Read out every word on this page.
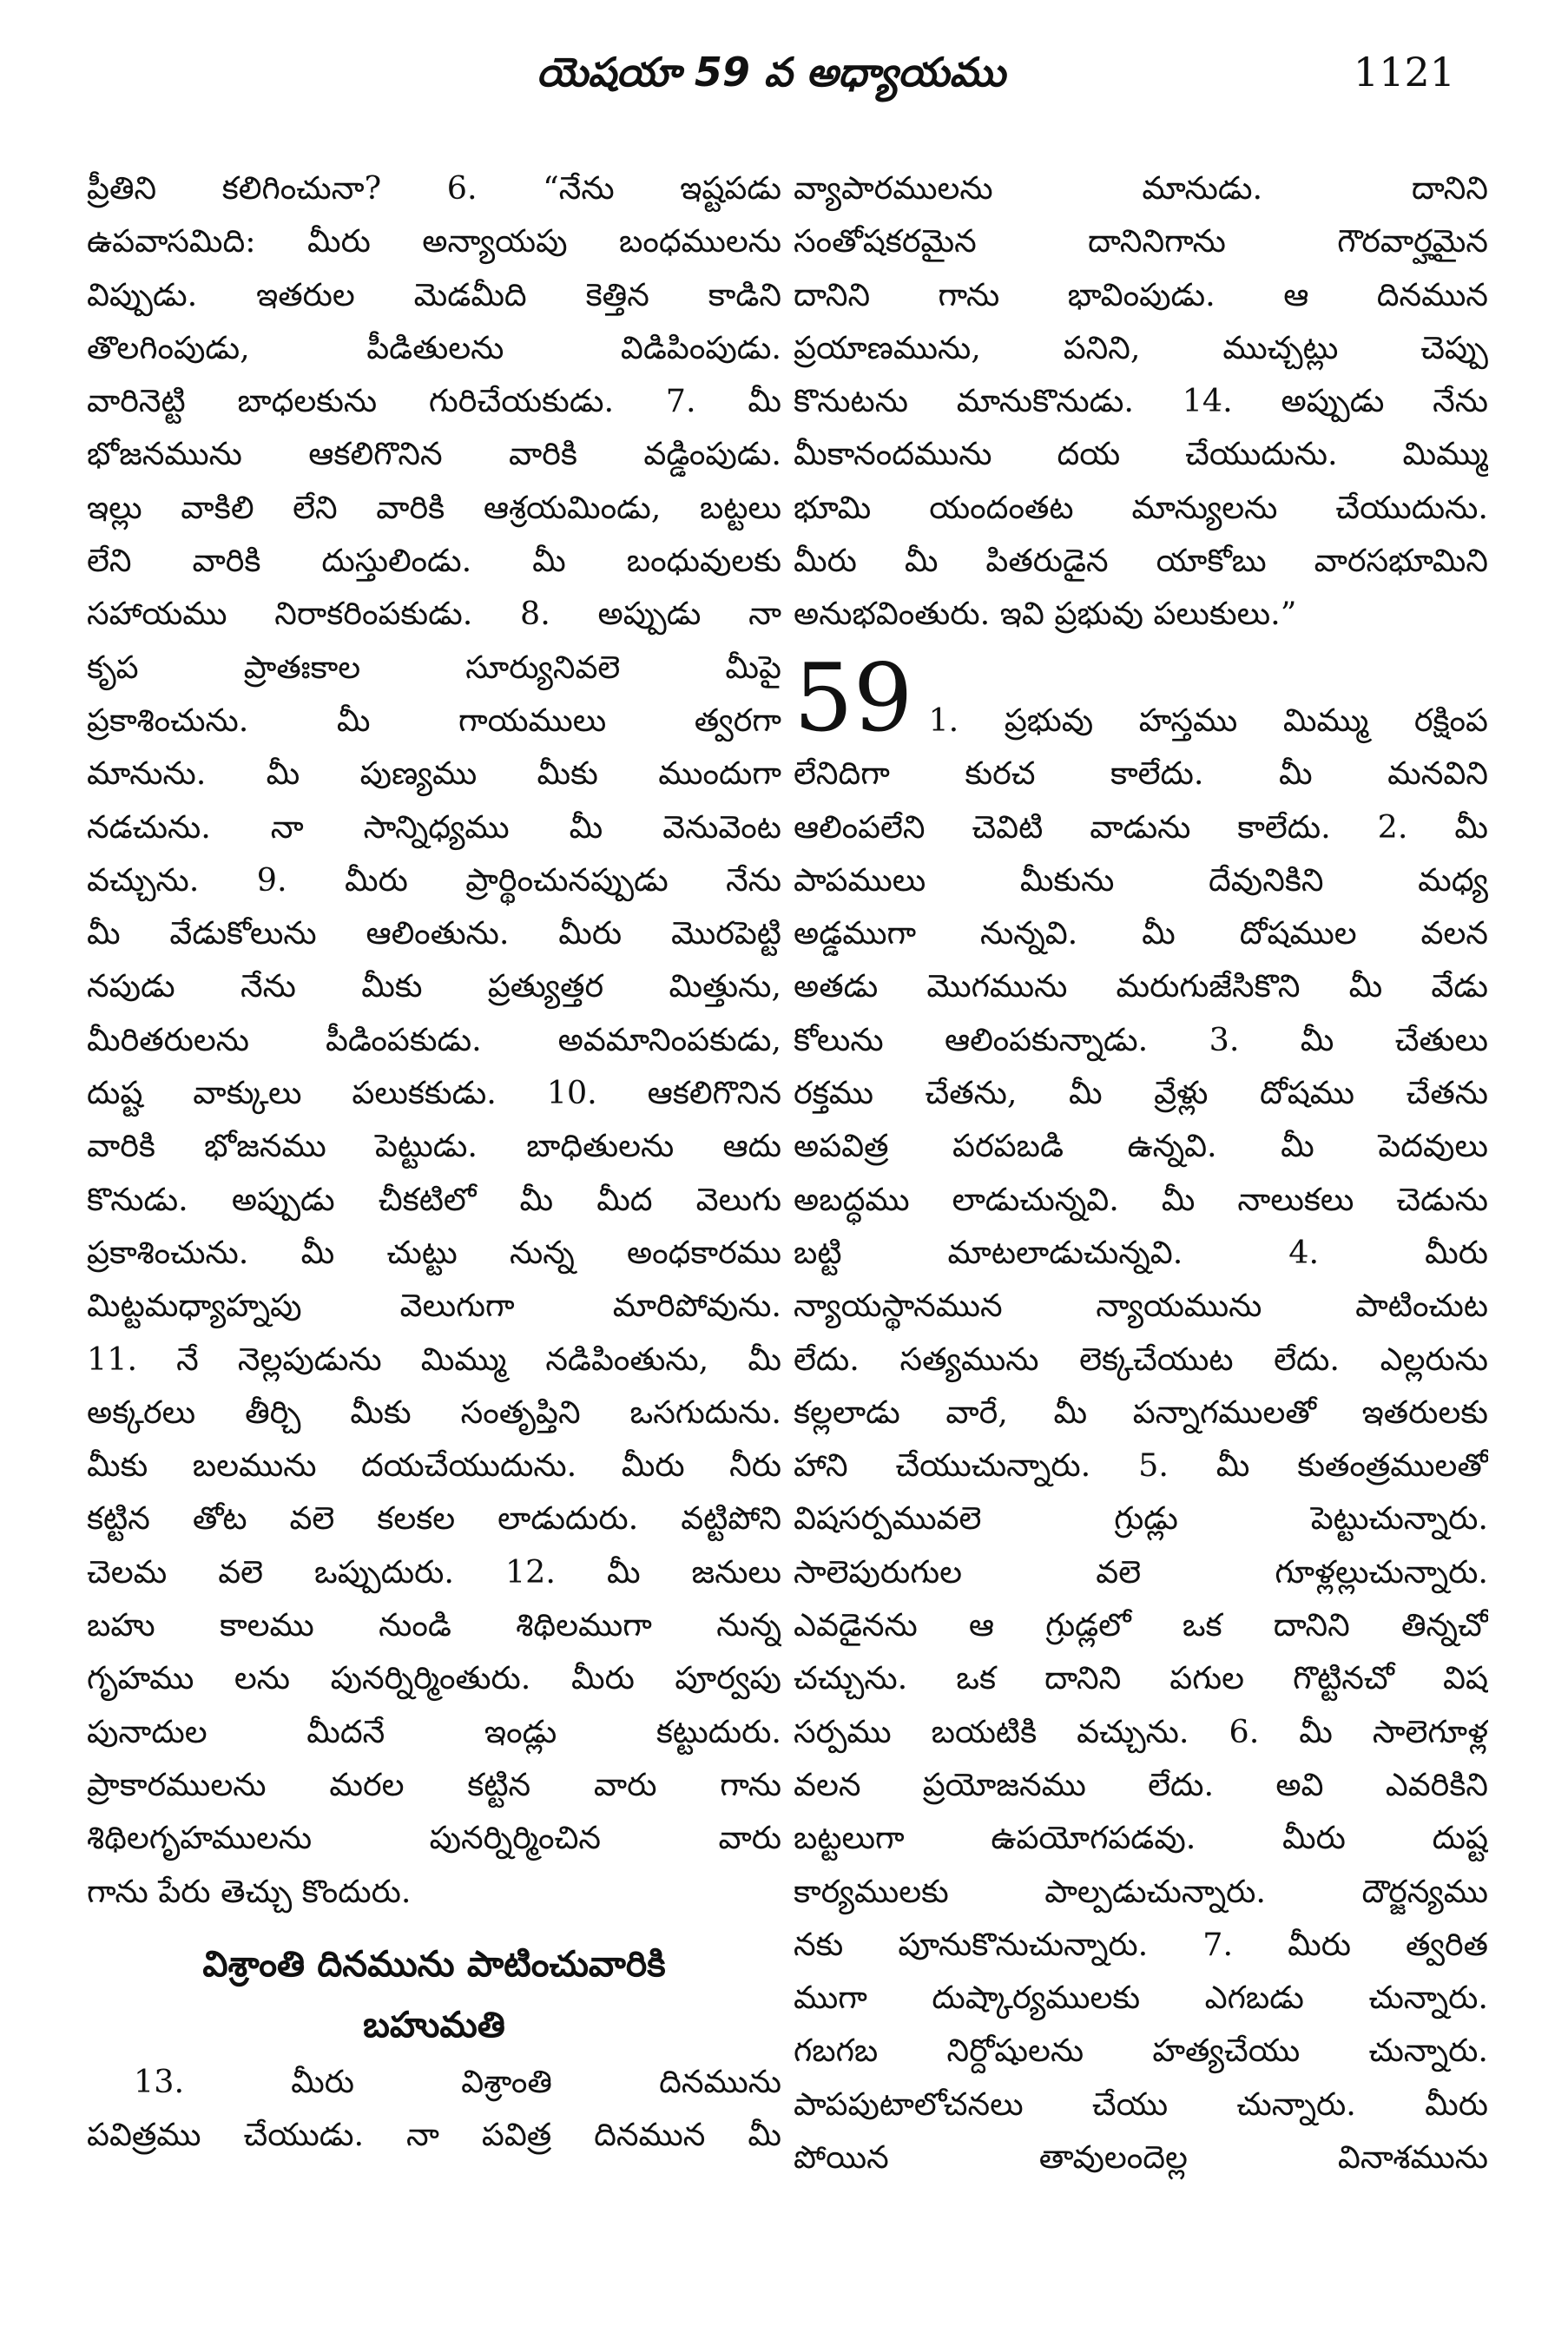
యెషయా 59 వ అధ్యాయము	1121
ప్రీతిని కలిగించునా? 6. “నేను ఇష్టపడు
ఉపవాసమిది: మీరు అన్యాయపు బంధములను
విప్పుడు. ఇతరుల మెడమీది కెత్తిన కాడిని
తొలగింపుడు, పీడితులను విడిపింపుడు.
వారినెట్టి బాధలకును గురిచేయకుడు. 7. మీ
భోజనమును ఆకలిగొనిన వారికి వడ్డింపుడు.
ఇల్లు వాకిలి లేని వారికి ఆశ్రయమిండు, బట్టలు
లేని వారికి దుస్తులిండు. మీ బంధువులకు
సహాయము నిరాకరింపకుడు. 8. అప్పుడు నా
కృప ప్రాతఃకాల సూర్యునివలె మీపై
ప్రకాశించును. మీ గాయములు త్వరగా
మానును. మీ పుణ్యము మీకు ముందుగా
నడచును. నా సాన్నిధ్యము మీ వెనువెంట
వచ్చును. 9. మీరు ప్రార్థించునప్పుడు నేను
మీ వేడుకోలును ఆలింతును. మీరు మొరపెట్టి
నపుడు నేను మీకు ప్రత్యుత్తర మిత్తును,
మీరితరులను పీడింపకుడు. అవమానింపకుడు,
దుష్ట వాక్కులు పలుకకుడు. 10. ఆకలిగొనిన
వారికి భోజనము పెట్టుడు. బాధితులను ఆదు
కొనుడు. అప్పుడు చీకటిలో మీ మీద వెలుగు
ప్రకాశించును. మీ చుట్టు నున్న అంధకారము
మిట్టమధ్యాహ్నపు వెలుగుగా మారిపోవును.
11. నే నెల్లపుడును మిమ్ము నడిపింతును, మీ
అక్కరలు తీర్చి మీకు సంతృప్తిని ఒసగుదును.
మీకు బలమును దయచేయుదును. మీరు నీరు
కట్టిన తోట వలె కలకల లాడుదురు. వట్టిపోని
చెలమ వలె ఒప్పుదురు. 12. మీ జనులు
బహు కాలము నుండి శిథిలముగా నున్న
గృహము లను పునర్నిర్మింతురు. మీరు పూర్వపు
పునాదుల మీదనే ఇండ్లు కట్టుదురు.
ప్రాకారములను మరల కట్టిన వారు గాను
శిథిలగృహములను పునర్నిర్మించిన వారు
గాను పేరు తెచ్చు కొందురు.
విశ్రాంతి దినమును పాటించువారికి
బహుమతి
13. మీరు విశ్రాంతి దినమును
పవిత్రము చేయుడు. నా పవిత్ర దినమున మీ
వ్యాపారములను మానుడు. దానిని
సంతోషకరమైన దానినిగాను గౌరవార్హమైన
దానిని గాను భావింపుడు. ఆ దినమున
ప్రయాణమును, పనిని, ముచ్చట్లు చెప్పు
కొనుటను మానుకొనుడు. 14. అప్పుడు నేను
మీకానందమును దయ చేయుదును. మిమ్ము
భూమి యందంతట మాన్యులను చేయుదును.
మీరు మీ పితరుడైన యాకోబు వారసభూమిని
అనుభవింతురు. ఇవి ప్రభువు పలుకులు.”
59 1. ప్రభువు హస్తము మిమ్ము రక్షింప
లేనిదిగా కురచ కాలేదు. మీ మనవిని
ఆలింపలేని చెవిటి వాడును కాలేదు. 2. మీ
పాపములు మీకును దేవునికిని మధ్య
అడ్డముగా నున్నవి. మీ దోషముల వలన
అతడు మొగమును మరుగుజేసికొని మీ వేడు
కోలును ఆలింపకున్నాడు. 3. మీ చేతులు
రక్తము చేతను, మీ వ్రేళ్లు దోషము చేతను
అపవిత్ర పరపబడి ఉన్నవి. మీ పెదవులు
అబద్ధము లాడుచున్నవి. మీ నాలుకలు చెడును
బట్టి మాటలాడుచున్నవి. 4. మీరు
న్యాయస్థానమున న్యాయమును పాటించుట
లేదు. సత్యమును లెక్కచేయుట లేదు. ఎల్లరును
కల్లలాడు వారే, మీ పన్నాగములతో ఇతరులకు
హాని చేయుచున్నారు. 5. మీ కుతంత్రములతో
విషసర్పమువలె గ్రుడ్లు పెట్టుచున్నారు.
సాలెపురుగుల వలె గూళ్లల్లుచున్నారు.
ఎవడైనను ఆ గ్రుడ్లలో ఒక దానిని తిన్నచో
చచ్చును. ఒక దానిని పగుల గొట్టినచో విష
సర్పము బయటికి వచ్చును. 6. మీ సాలెగూళ్ల
వలన ప్రయోజనము లేదు. అవి ఎవరికిని
బట్టలుగా ఉపయోగపడవు. మీరు దుష్ట
కార్యములకు పాల్పడుచున్నారు. దౌర్జన్యము
నకు పూనుకొనుచున్నారు. 7. మీరు త్వరిత
ముగా దుష్కార్యములకు ఎగబడు చున్నారు.
గబగబ నిర్దోషులను హత్యచేయు చున్నారు.
పాపపుటాలోచనలు చేయు చున్నారు. మీరు
పోయిన తావులందెల్ల వినాశమును
